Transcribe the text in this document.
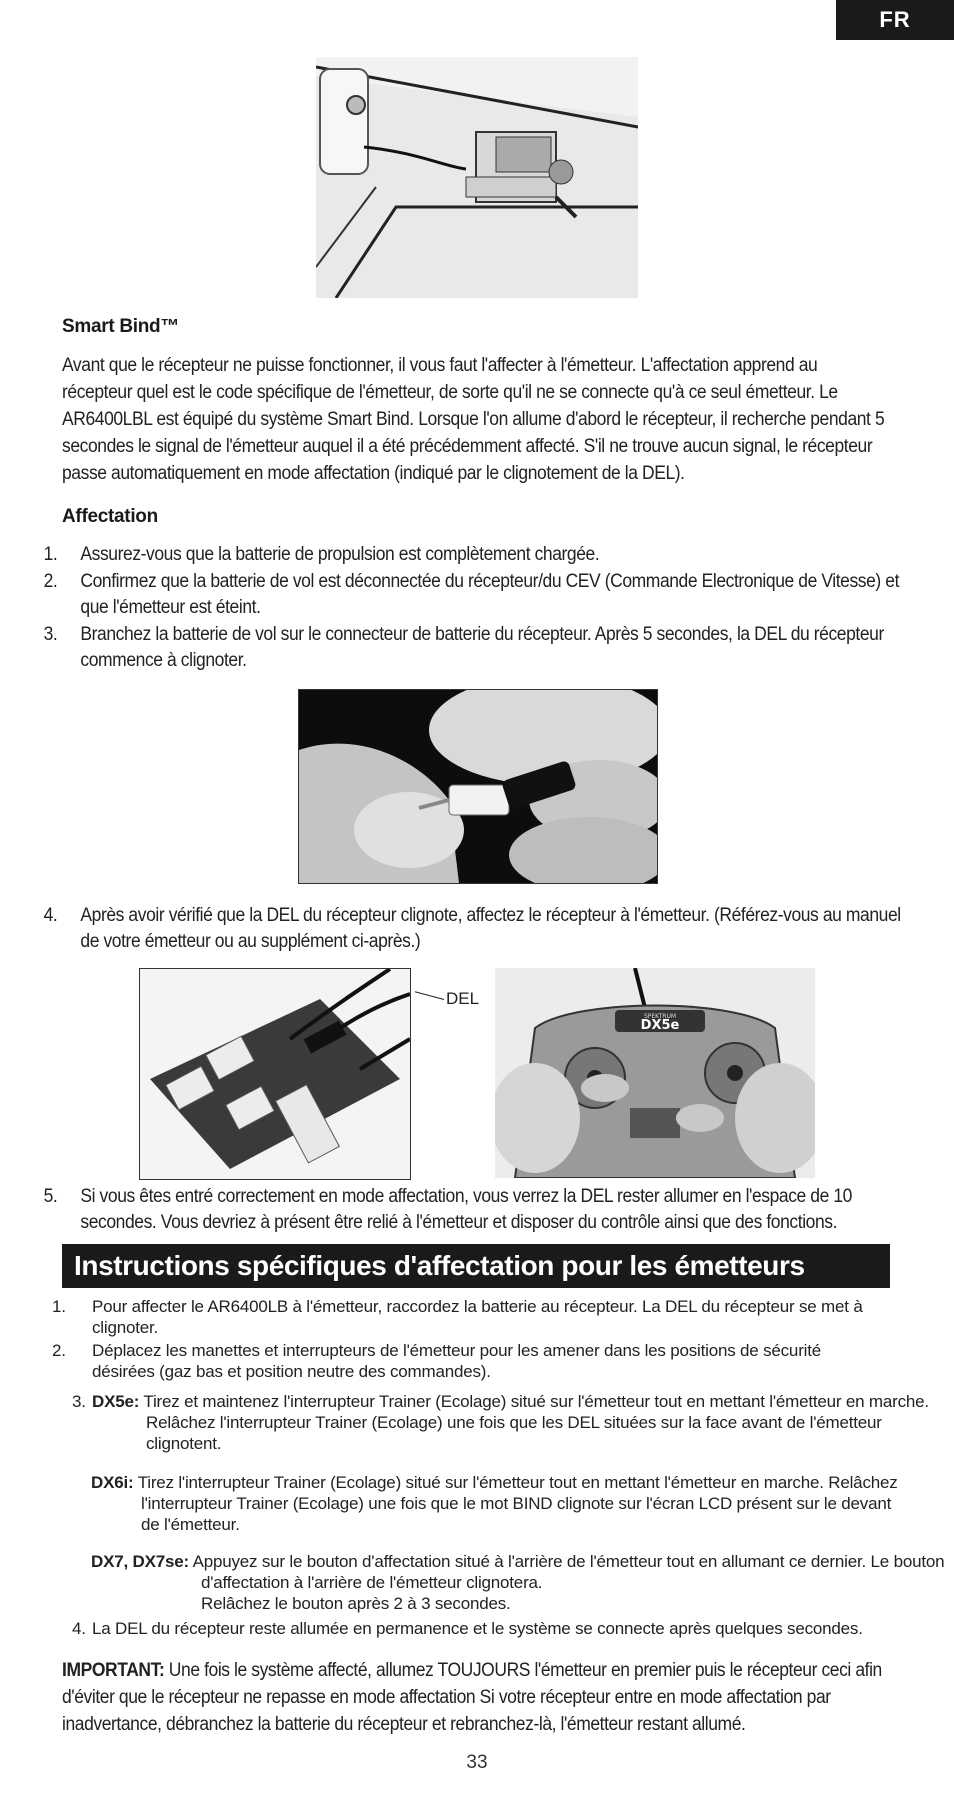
FR
Smart Bind™
Avant que le récepteur ne puisse fonctionner, il vous faut l'affecter à l'émetteur. L'affectation apprend au récepteur quel est le code spécifique de l'émetteur, de sorte qu'il ne se connecte qu'à ce seul émetteur. Le AR6400LBL est équipé du système Smart Bind. Lorsque l'on allume d'abord le récepteur, il recherche pendant 5 secondes le signal de l'émetteur auquel il a été précédemment affecté. S'il ne trouve aucun signal, le récepteur passe automatiquement en mode affectation (indiqué par le clignotement de la DEL).
Affectation
1. Assurez-vous que la batterie de propulsion est complètement chargée.
2. Confirmez que la batterie de vol est déconnectée du récepteur/du CEV (Commande Electronique de Vitesse) et que l'émetteur est éteint.
3. Branchez la batterie de vol sur le connecteur de batterie du récepteur. Après 5 secondes, la DEL du récepteur commence à clignoter.
4. Après avoir vérifié que la DEL du récepteur clignote, affectez le récepteur à l'émetteur. (Référez-vous au manuel de votre émetteur ou au supplément ci-après.)
DEL
SPEKTRUM
DX5e
5. Si vous êtes entré correctement en mode affectation, vous verrez la DEL rester allumer en l'espace de 10 secondes. Vous devriez à présent être relié à l'émetteur et disposer du contrôle ainsi que des fonctions.
Instructions spécifiques d'affectation pour les émetteurs
1. Pour affecter le AR6400LB à l'émetteur, raccordez la batterie au récepteur. La DEL du récepteur se met à clignoter.
2. Déplacez les manettes et interrupteurs de l'émetteur pour les amener dans les positions de sécurité désirées (gaz bas et position neutre des commandes).
3. DX5e: Tirez et maintenez l'interrupteur Trainer (Ecolage) situé sur l'émetteur tout en mettant l'émetteur en marche. Relâchez l'interrupteur Trainer (Ecolage) une fois que les DEL situées sur la face avant de l'émetteur clignotent.
DX6i: Tirez l'interrupteur Trainer (Ecolage) situé sur l'émetteur tout en mettant l'émetteur en marche. Relâchez l'interrupteur Trainer (Ecolage) une fois que le mot BIND clignote sur l'écran LCD présent sur le devant de l'émetteur.
DX7, DX7se: Appuyez sur le bouton d'affectation situé à l'arrière de l'émetteur tout en allumant ce dernier. Le bouton d'affectation à l'arrière de l'émetteur clignotera.
Relâchez le bouton après 2 à 3 secondes.
4. La DEL du récepteur reste allumée en permanence et le système se connecte après quelques secondes.
IMPORTANT: Une fois le système affecté, allumez TOUJOURS l'émetteur en premier puis le récepteur ceci afin d'éviter que le récepteur ne repasse en mode affectation Si votre récepteur entre en mode affectation par inadvertance, débranchez la batterie du récepteur et rebranchez-là, l'émetteur restant allumé.
33
